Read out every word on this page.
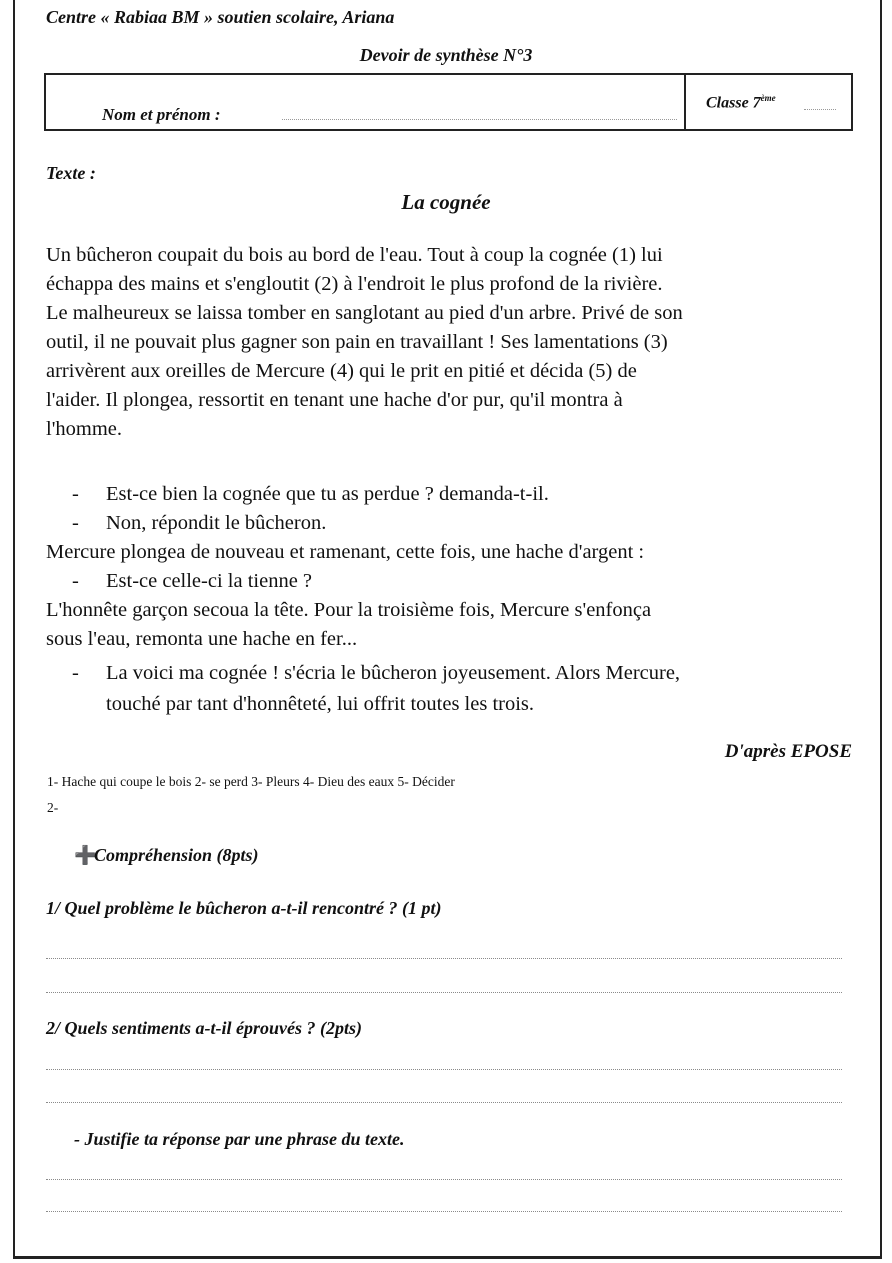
Centre « Rabiaa BM » soutien scolaire, Ariana
Devoir de synthèse N°3
Nom et prénom :
Classe 7ème
Texte :
La cognée
Un bûcheron coupait du bois au bord de l'eau. Tout à coup la cognée (1) lui
échappa des mains et s'engloutit (2) à l'endroit le plus profond de la rivière.
Le malheureux se laissa tomber en sanglotant au pied d'un arbre. Privé de son
outil, il ne pouvait plus gagner son pain en travaillant ! Ses lamentations (3)
arrivèrent aux oreilles de Mercure (4) qui le prit en pitié et décida (5) de
l'aider. Il plongea, ressortit en tenant une hache d'or pur, qu'il montra à
l'homme.
- Est-ce bien la cognée que tu as perdue ? demanda-t-il.
- Non, répondit le bûcheron.
Mercure plongea de nouveau et ramenant, cette fois, une hache d'argent :
- Est-ce celle-ci la tienne ?
L'honnête garçon secoua la tête. Pour la troisième fois, Mercure s'enfonça
sous l'eau, remonta une hache en fer...
- La voici ma cognée ! s'écria le bûcheron joyeusement. Alors Mercure,
touché par tant d'honnêteté, lui offrit toutes les trois.
D'après EPOSE
1- Hache qui coupe le bois 2- se perd 3- Pleurs 4- Dieu des eaux 5- Décider
2-
➕Compréhension (8pts)
1/ Quel problème le bûcheron a-t-il rencontré ? (1 pt)
2/ Quels sentiments a-t-il éprouvés ? (2pts)
- Justifie ta réponse par une phrase du texte.
